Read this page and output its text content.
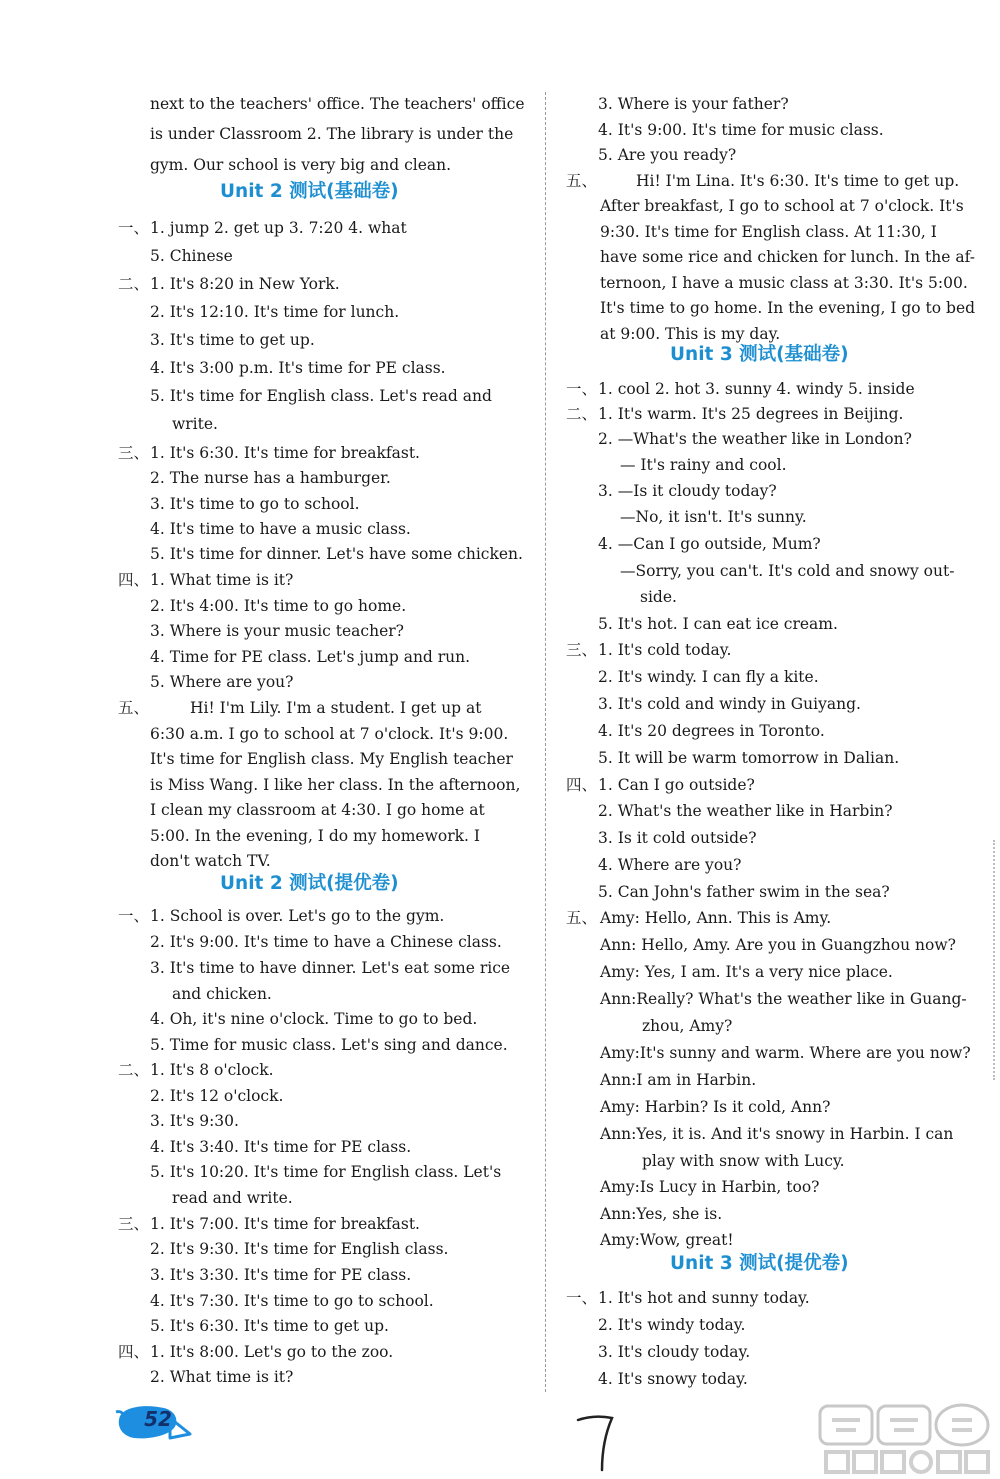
next to the teachers' office. The teachers' office
is under Classroom 2. The library is under the
gym. Our school is very big and clean.
Unit 2 测试(基础卷)
一、 1. jump 2. get up 3. 7:20 4. what
5. Chinese
二、 1. It's 8:20 in New York.
2. It's 12:10. It's time for lunch.
3. It's time to get up.
4. It's 3:00 p.m. It's time for PE class.
5. It's time for English class. Let's read and
write.
三、 1. It's 6:30. It's time for breakfast.
2. The nurse has a hamburger.
3. It's time to go to school.
4. It's time to have a music class.
5. It's time for dinner. Let's have some chicken.
四、 1. What time is it?
2. It's 4:00. It's time to go home.
3. Where is your music teacher?
4. Time for PE class. Let's jump and run.
5. Where are you?
五、	Hi! I'm Lily. I'm a student. I get up at
6:30 a.m. I go to school at 7 o'clock. It's 9:00.
It's time for English class. My English teacher
is Miss Wang. I like her class. In the afternoon,
I clean my classroom at 4:30. I go home at
5:00. In the evening, I do my homework. I
don't watch TV.
Unit 2 测试(提优卷)
一、 1. School is over. Let's go to the gym.
2. It's 9:00. It's time to have a Chinese class.
3. It's time to have dinner. Let's eat some rice
and chicken.
4. Oh, it's nine o'clock. Time to go to bed.
5. Time for music class. Let's sing and dance.
二、 1. It's 8 o'clock.
2. It's 12 o'clock.
3. It's 9:30.
4. It's 3:40. It's time for PE class.
5. It's 10:20. It's time for English class. Let's
read and write.
三、 1. It's 7:00. It's time for breakfast.
2. It's 9:30. It's time for English class.
3. It's 3:30. It's time for PE class.
4. It's 7:30. It's time to go to school.
5. It's 6:30. It's time to get up.
四、 1. It's 8:00. Let's go to the zoo.
2. What time is it?
3. Where is your father?
4. It's 9:00. It's time for music class.
5. Are you ready?
五、	Hi! I'm Lina. It's 6:30. It's time to get up.
After breakfast, I go to school at 7 o'clock. It's
9:30. It's time for English class. At 11:30, I
have some rice and chicken for lunch. In the af-
ternoon, I have a music class at 3:30. It's 5:00.
It's time to go home. In the evening, I go to bed
at 9:00. This is my day.
Unit 3 测试(基础卷)
一、 1. cool 2. hot 3. sunny 4. windy 5. inside
二、 1. It's warm. It's 25 degrees in Beijing.
2. —What's the weather like in London?
— It's rainy and cool.
3. —Is it cloudy today?
—No, it isn't. It's sunny.
4. —Can I go outside, Mum?
—Sorry, you can't. It's cold and snowy out-
side.
5. It's hot. I can eat ice cream.
三、 1. It's cold today.
2. It's windy. I can fly a kite.
3. It's cold and windy in Guiyang.
4. It's 20 degrees in Toronto.
5. It will be warm tomorrow in Dalian.
四、 1. Can I go outside?
2. What's the weather like in Harbin?
3. Is it cold outside?
4. Where are you?
5. Can John's father swim in the sea?
五、 Amy: Hello, Ann. This is Amy.
Ann: Hello, Amy. Are you in Guangzhou now?
Amy: Yes, I am. It's a very nice place.
Ann:Really? What's the weather like in Guang-
zhou, Amy?
Amy:It's sunny and warm. Where are you now?
Ann:I am in Harbin.
Amy: Harbin? Is it cold, Ann?
Ann:Yes, it is. And it's snowy in Harbin. I can
play with snow with Lucy.
Amy:Is Lucy in Harbin, too?
Ann:Yes, she is.
Amy:Wow, great!
Unit 3 测试(提优卷)
一、 1. It's hot and sunny today.
2. It's windy today.
3. It's cloudy today.
4. It's snowy today.
52
